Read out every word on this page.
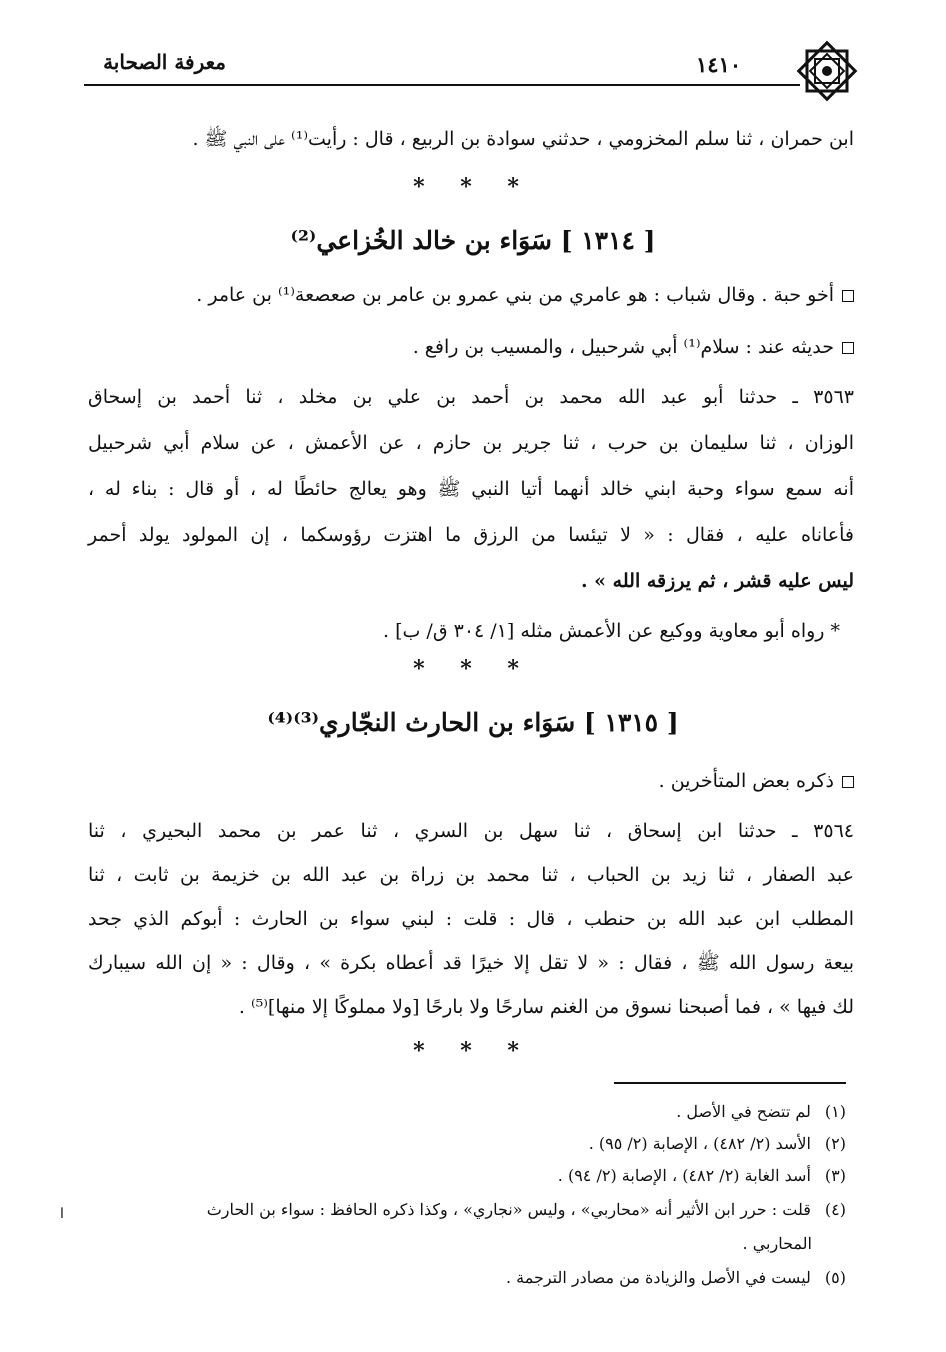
معرفة الصحابة	١٤١٠
ابن حمران ، ثنا سلم المخزومي ، حدثني سوادة بن الربيع ، قال : رأيت⁽¹⁾ على النبي ﷺ .
* * *
[ ١٣١٤ ] سَوَاء بن خالد الخُزاعي⁽²⁾
أخو حبة . وقال شباب : هو عامري من بني عمرو بن عامر بن صعصعة⁽¹⁾ بن عامر .
حديثه عند : سلام⁽¹⁾ أبي شرحبيل ، والمسيب بن رافع .
٣٥٦٣ ـ حدثنا أبو عبد الله محمد بن أحمد بن علي بن مخلد ، ثنا أحمد بن إسحاق
الوزان ، ثنا سليمان بن حرب ، ثنا جرير بن حازم ، عن الأعمش ، عن سلام أبي شرحبيل
أنه سمع سواء وحبة ابني خالد أنهما أتيا النبي ﷺ وهو يعالج حائطًا له ، أو قال : بناء له ،
فأعاناه عليه ، فقال : « لا تيئسا من الرزق ما اهتزت رؤوسكما ، إن المولود يولد أحمر
ليس عليه قشر ، ثم يرزقه الله » .
* رواه أبو معاوية ووكيع عن الأعمش مثله [١/ ٣٠٤ ق/ ب] .
* * *
[ ١٣١٥ ] سَوَاء بن الحارث النجّاري⁽³⁾⁽⁴⁾
ذكره بعض المتأخرين .
٣٥٦٤ ـ حدثنا ابن إسحاق ، ثنا سهل بن السري ، ثنا عمر بن محمد البحيري ، ثنا
عبد الصفار ، ثنا زيد بن الحباب ، ثنا محمد بن زراة بن عبد الله بن خزيمة بن ثابت ، ثنا
المطلب ابن عبد الله بن حنطب ، قال : قلت : لبني سواء بن الحارث : أبوكم الذي جحد
بيعة رسول الله ﷺ ، فقال : « لا تقل إلا خيرًا قد أعطاه بكرة » ، وقال : « إن الله سيبارك
لك فيها » ، فما أصبحنا نسوق من الغنم سارحًا ولا بارحًا [ولا مملوكًا إلا منها]⁽⁵⁾ .
* * *
(١) لم تتضح في الأصل .
(٢) الأسد (٢/ ٤٨٢) ، الإصابة (٢/ ٩٥) .
(٣) أسد الغابة (٢/ ٤٨٢) ، الإصابة (٢/ ٩٤) .
(٤) قلت : حرر ابن الأثير أنه «محاربي» ، وليس «نجاري» ، وكذا ذكره الحافظ : سواء بن الحارث
المحاربي .
(٥) ليست في الأصل والزيادة من مصادر الترجمة .
ا
